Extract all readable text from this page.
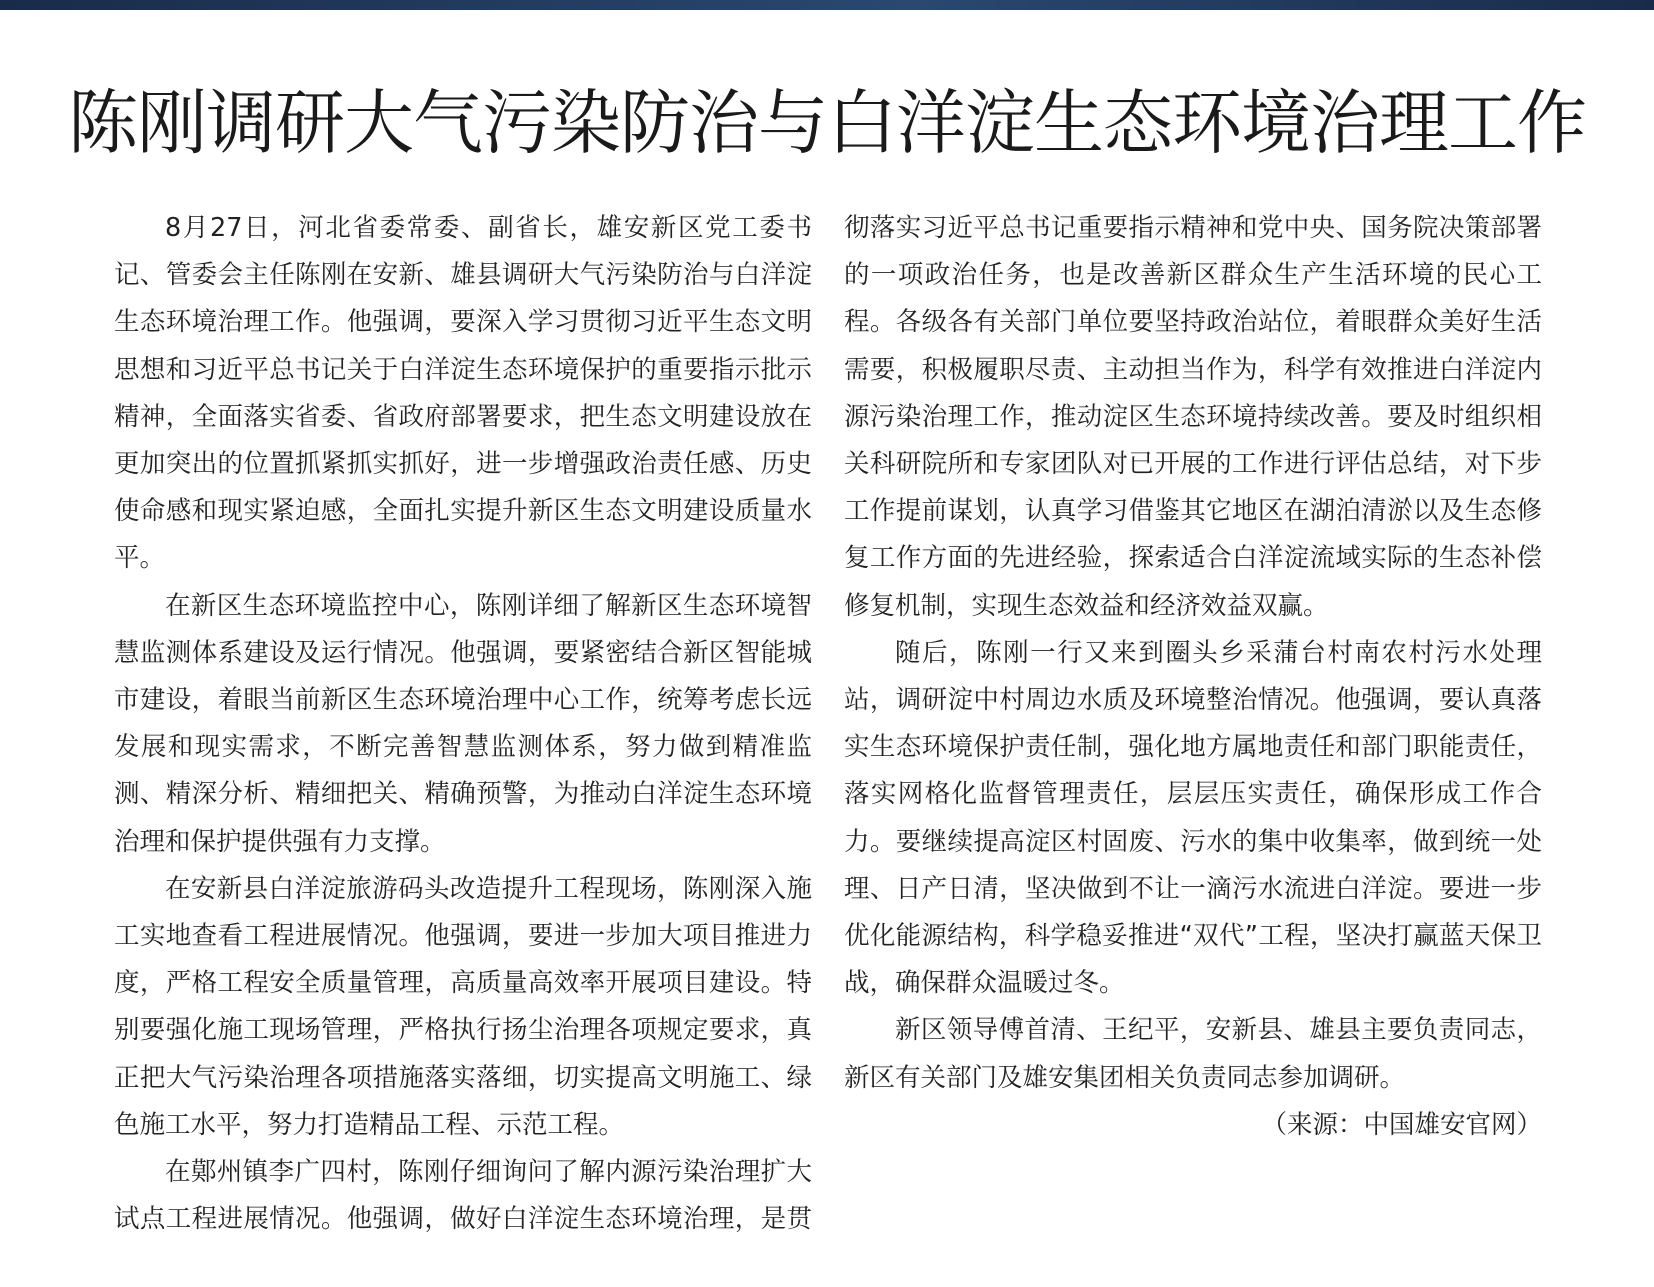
陈刚调研大气污染防治与白洋淀生态环境治理工作

8月27日，河北省委常委、副省长，雄安新区党工委书记、管委会主任陈刚在安新、雄县调研大气污染防治与白洋淀生态环境治理工作。他强调，要深入学习贯彻习近平生态文明思想和习近平总书记关于白洋淀生态环境保护的重要指示批示精神，全面落实省委、省政府部署要求，把生态文明建设放在更加突出的位置抓紧抓实抓好，进一步增强政治责任感、历史使命感和现实紧迫感，全面扎实提升新区生态文明建设质量水平。

在新区生态环境监控中心，陈刚详细了解新区生态环境智慧监测体系建设及运行情况。他强调，要紧密结合新区智能城市建设，着眼当前新区生态环境治理中心工作，统筹考虑长远发展和现实需求，不断完善智慧监测体系，努力做到精准监测、精深分析、精细把关、精确预警，为推动白洋淀生态环境治理和保护提供强有力支撑。

在安新县白洋淀旅游码头改造提升工程现场，陈刚深入施工实地查看工程进展情况。他强调，要进一步加大项目推进力度，严格工程安全质量管理，高质量高效率开展项目建设。特别要强化施工现场管理，严格执行扬尘治理各项规定要求，真正把大气污染治理各项措施落实落细，切实提高文明施工、绿色施工水平，努力打造精品工程、示范工程。

在鄚州镇李广四村，陈刚仔细询问了解内源污染治理扩大试点工程进展情况。他强调，做好白洋淀生态环境治理，是贯彻落实习近平总书记重要指示精神和党中央、国务院决策部署的一项政治任务，也是改善新区群众生产生活环境的民心工程。各级各有关部门单位要坚持政治站位，着眼群众美好生活需要，积极履职尽责、主动担当作为，科学有效推进白洋淀内源污染治理工作，推动淀区生态环境持续改善。要及时组织相关科研院所和专家团队对已开展的工作进行评估总结，对下步工作提前谋划，认真学习借鉴其它地区在湖泊清淤以及生态修复工作方面的先进经验，探索适合白洋淀流域实际的生态补偿修复机制，实现生态效益和经济效益双赢。

随后，陈刚一行又来到圈头乡采蒲台村南农村污水处理站，调研淀中村周边水质及环境整治情况。他强调，要认真落实生态环境保护责任制，强化地方属地责任和部门职能责任，落实网格化监督管理责任，层层压实责任，确保形成工作合力。要继续提高淀区村固废、污水的集中收集率，做到统一处理、日产日清，坚决做到不让一滴污水流进白洋淀。要进一步优化能源结构，科学稳妥推进“双代”工程，坚决打赢蓝天保卫战，确保群众温暖过冬。

新区领导傅首清、王纪平，安新县、雄县主要负责同志，新区有关部门及雄安集团相关负责同志参加调研。

（来源：中国雄安官网）
